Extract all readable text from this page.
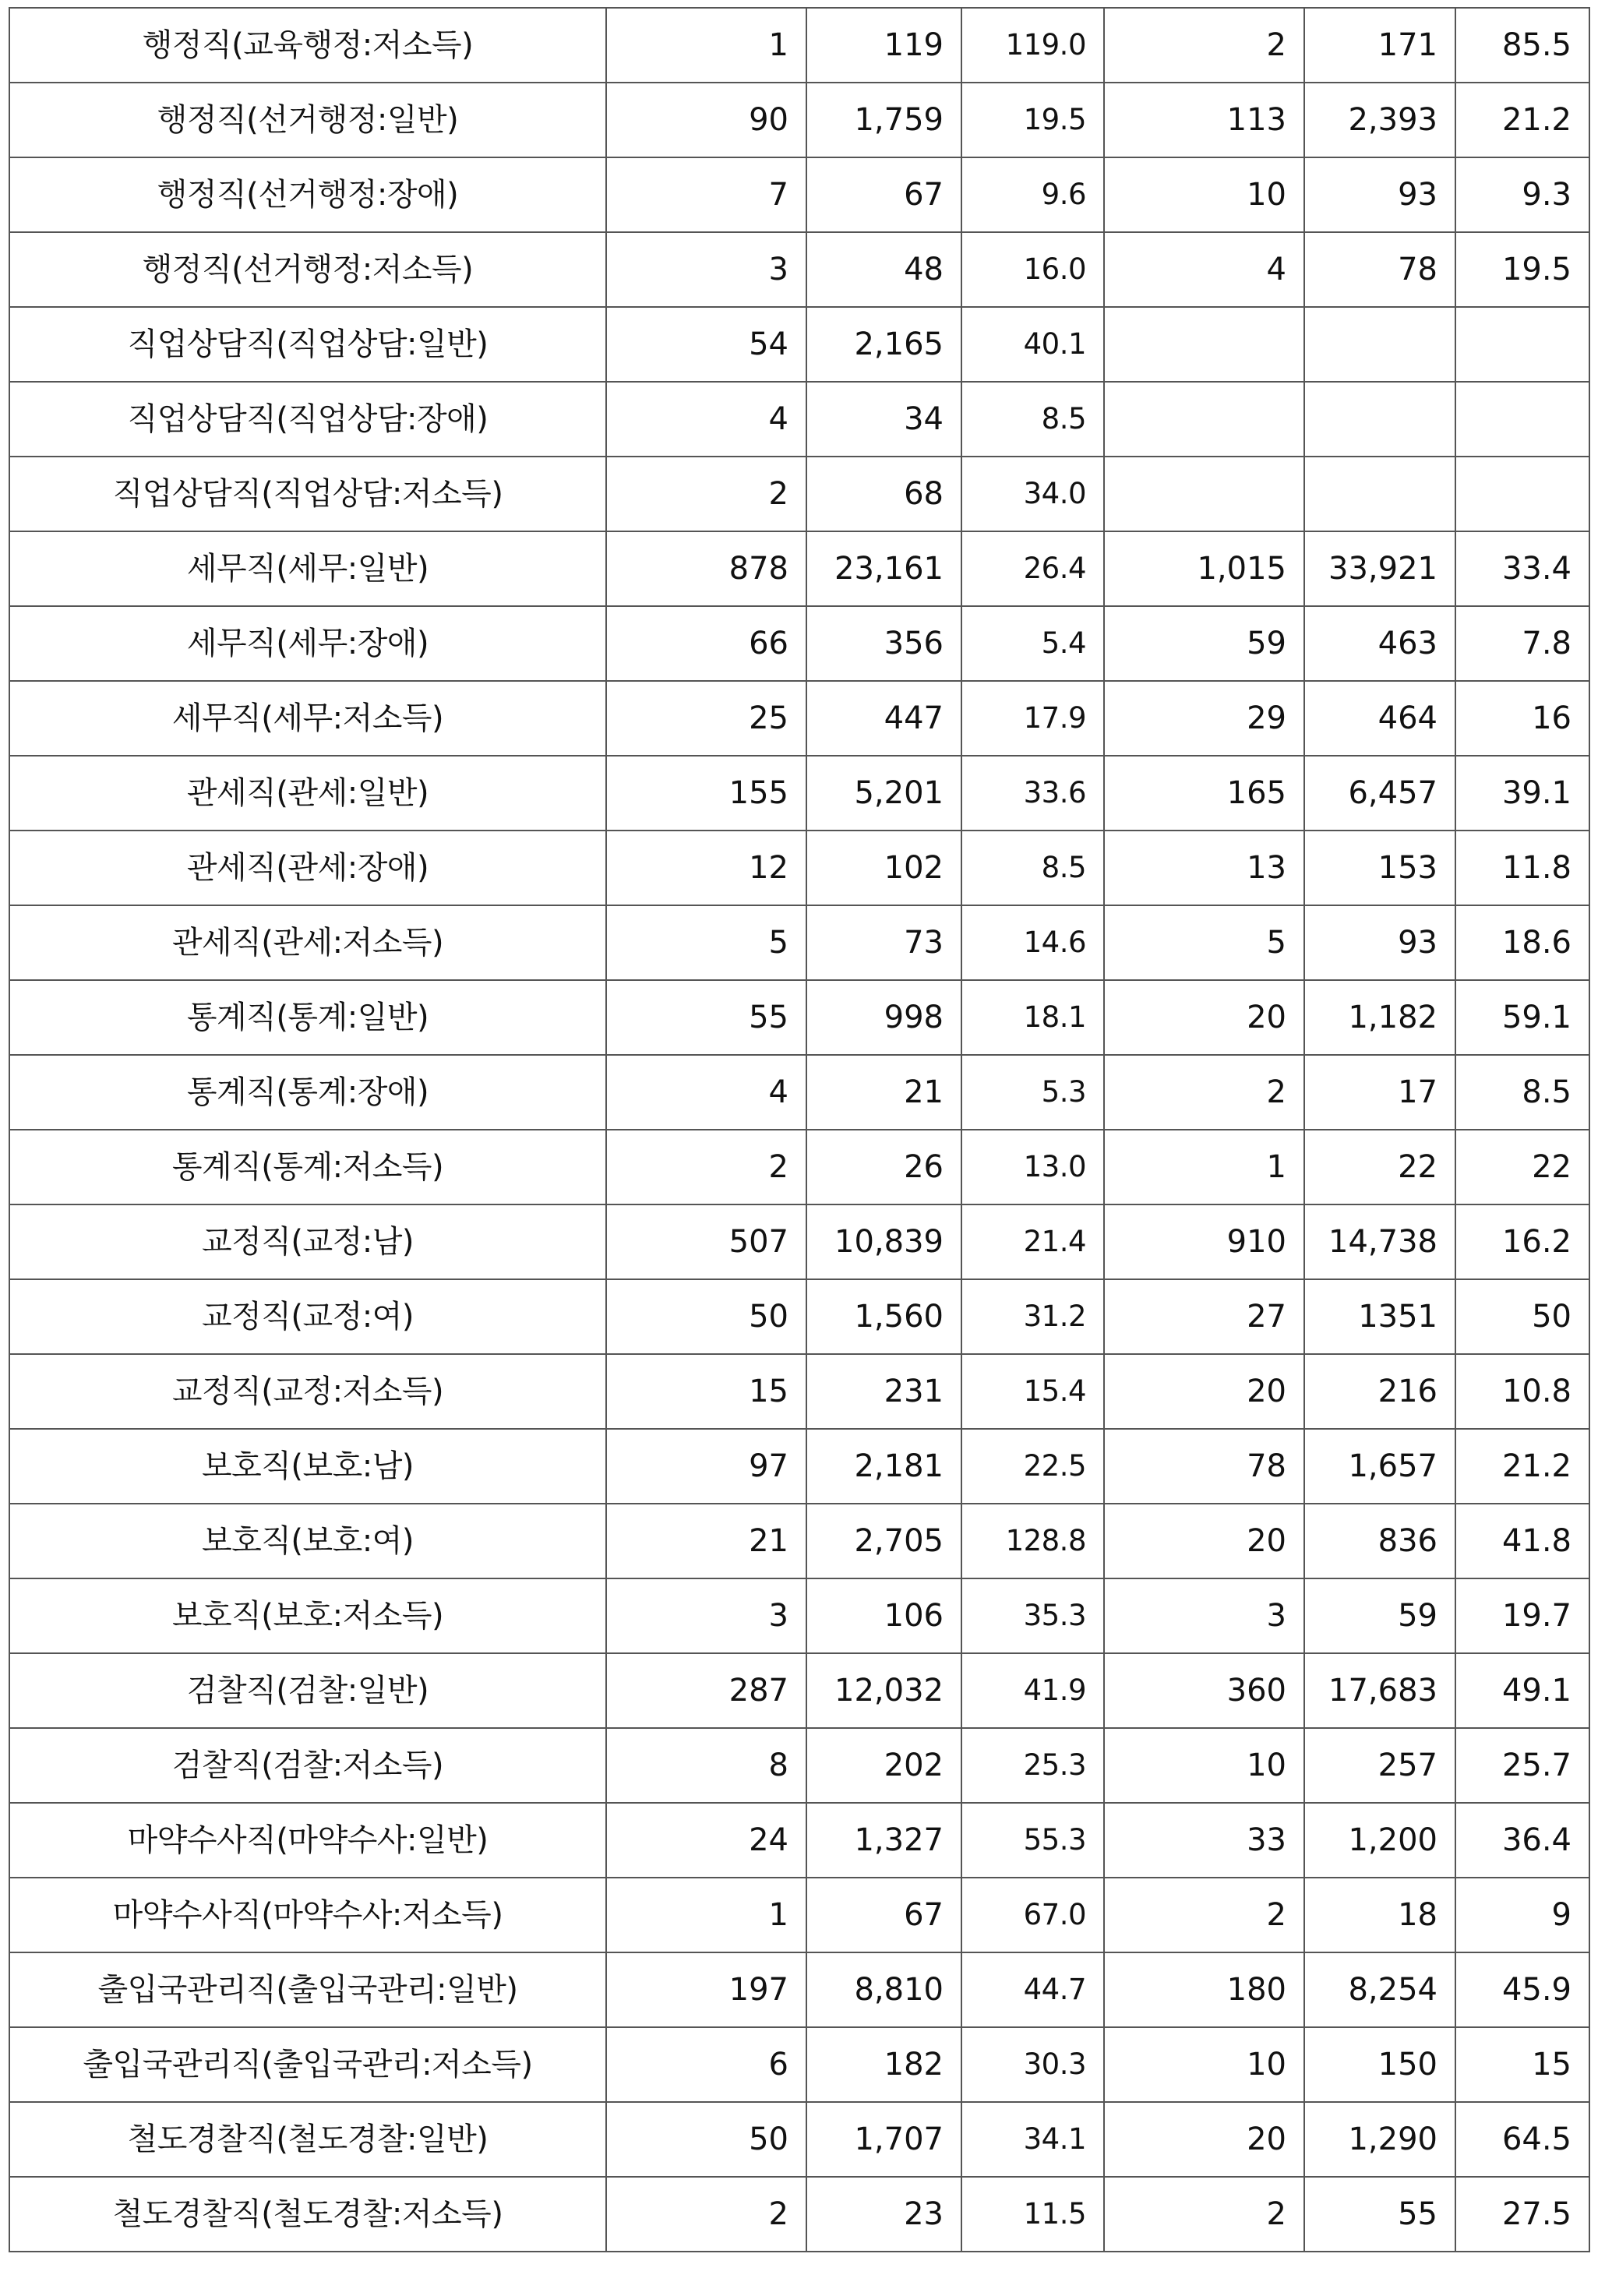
행정직(교육행정:저소득)	1	119	119.0	2	171	85.5
행정직(선거행정:일반)	90	1,759	19.5	113	2,393	21.2
행정직(선거행정:장애)	7	67	9.6	10	93	9.3
행정직(선거행정:저소득)	3	48	16.0	4	78	19.5
직업상담직(직업상담:일반)	54	2,165	40.1			
직업상담직(직업상담:장애)	4	34	8.5			
직업상담직(직업상담:저소득)	2	68	34.0			
세무직(세무:일반)	878	23,161	26.4	1,015	33,921	33.4
세무직(세무:장애)	66	356	5.4	59	463	7.8
세무직(세무:저소득)	25	447	17.9	29	464	16
관세직(관세:일반)	155	5,201	33.6	165	6,457	39.1
관세직(관세:장애)	12	102	8.5	13	153	11.8
관세직(관세:저소득)	5	73	14.6	5	93	18.6
통계직(통계:일반)	55	998	18.1	20	1,182	59.1
통계직(통계:장애)	4	21	5.3	2	17	8.5
통계직(통계:저소득)	2	26	13.0	1	22	22
교정직(교정:남)	507	10,839	21.4	910	14,738	16.2
교정직(교정:여)	50	1,560	31.2	27	1351	50
교정직(교정:저소득)	15	231	15.4	20	216	10.8
보호직(보호:남)	97	2,181	22.5	78	1,657	21.2
보호직(보호:여)	21	2,705	128.8	20	836	41.8
보호직(보호:저소득)	3	106	35.3	3	59	19.7
검찰직(검찰:일반)	287	12,032	41.9	360	17,683	49.1
검찰직(검찰:저소득)	8	202	25.3	10	257	25.7
마약수사직(마약수사:일반)	24	1,327	55.3	33	1,200	36.4
마약수사직(마약수사:저소득)	1	67	67.0	2	18	9
출입국관리직(출입국관리:일반)	197	8,810	44.7	180	8,254	45.9
출입국관리직(출입국관리:저소득)	6	182	30.3	10	150	15
철도경찰직(철도경찰:일반)	50	1,707	34.1	20	1,290	64.5
철도경찰직(철도경찰:저소득)	2	23	11.5	2	55	27.5
